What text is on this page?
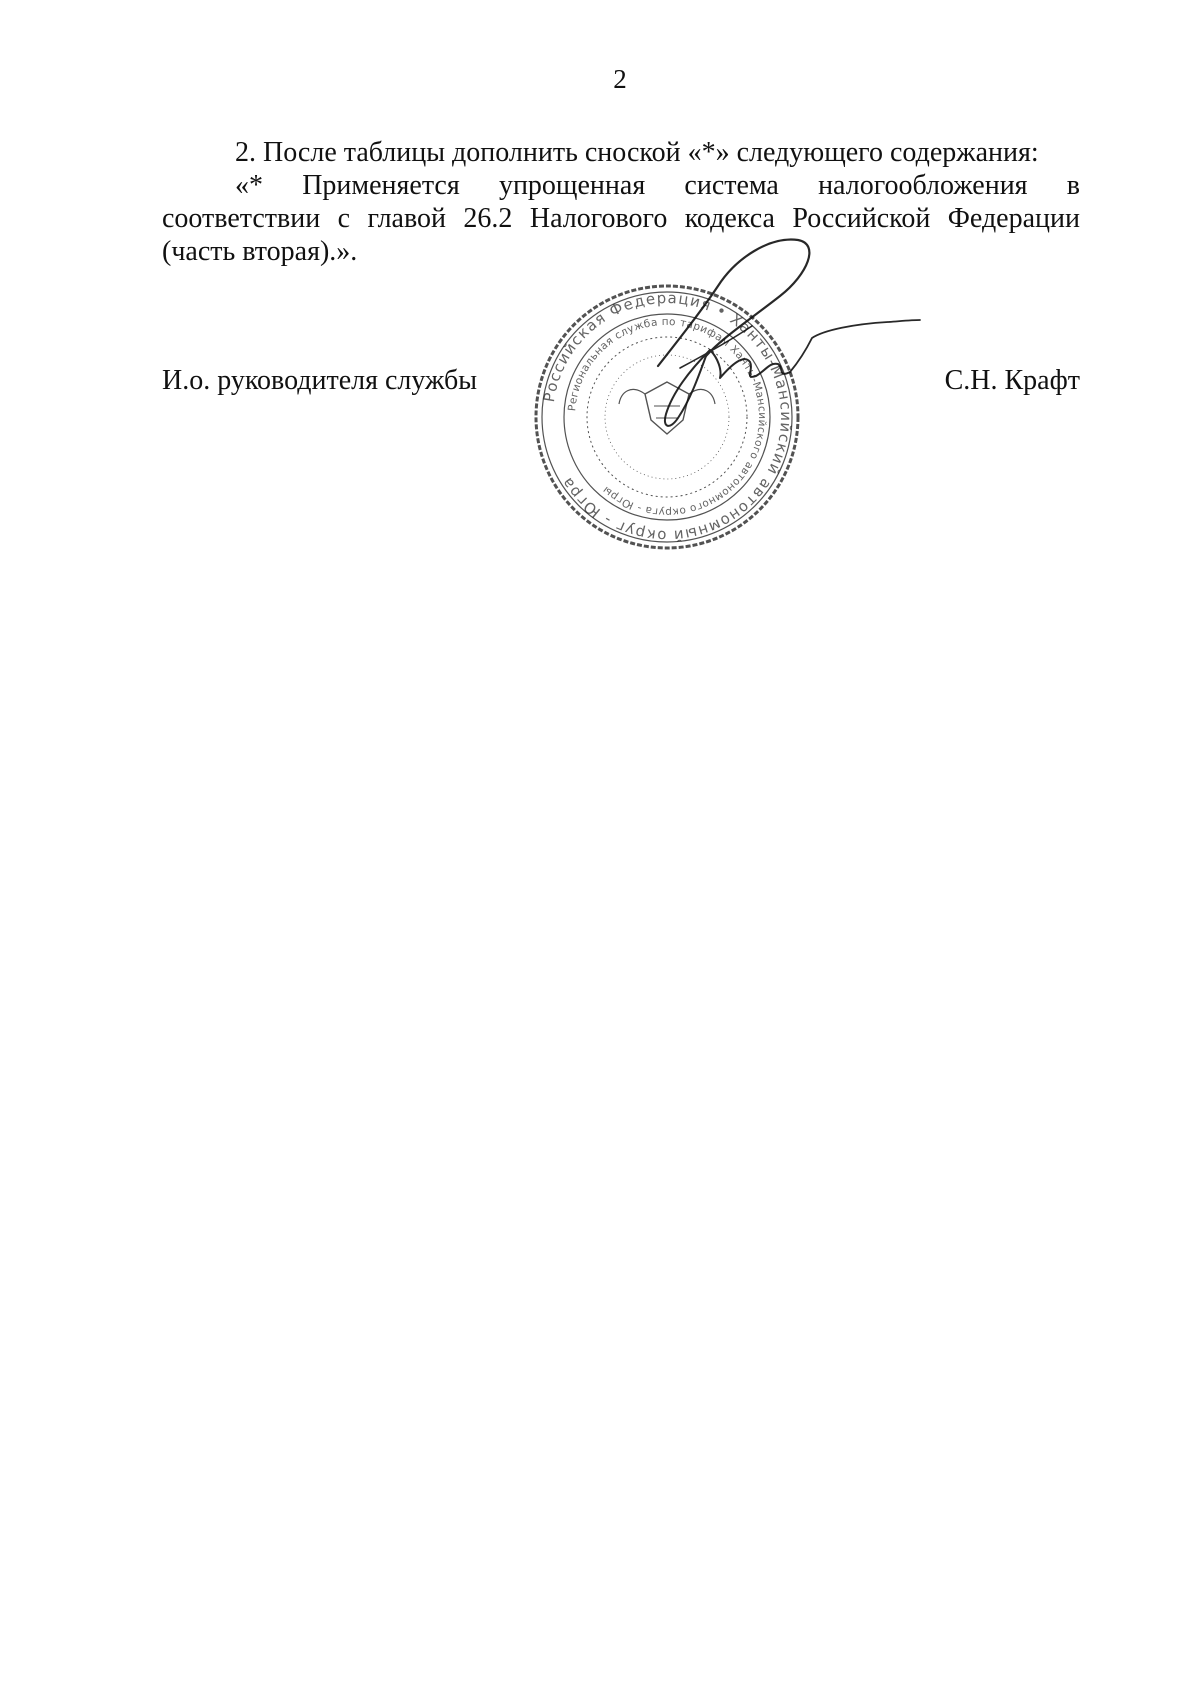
2

2. После таблицы дополнить сноской «*» следующего содержания:

«* Применяется упрощенная система налогообложения в соответствии с главой 26.2 Налогового кодекса Российской Федерации (часть вторая).».

И.о. руководителя службы	С.Н. Крафт
Российская Федерация • Ханты-Мансийский автономный округ - Югра
Региональная служба по тарифам Ханты-Мансийского автономного округа - Югры
